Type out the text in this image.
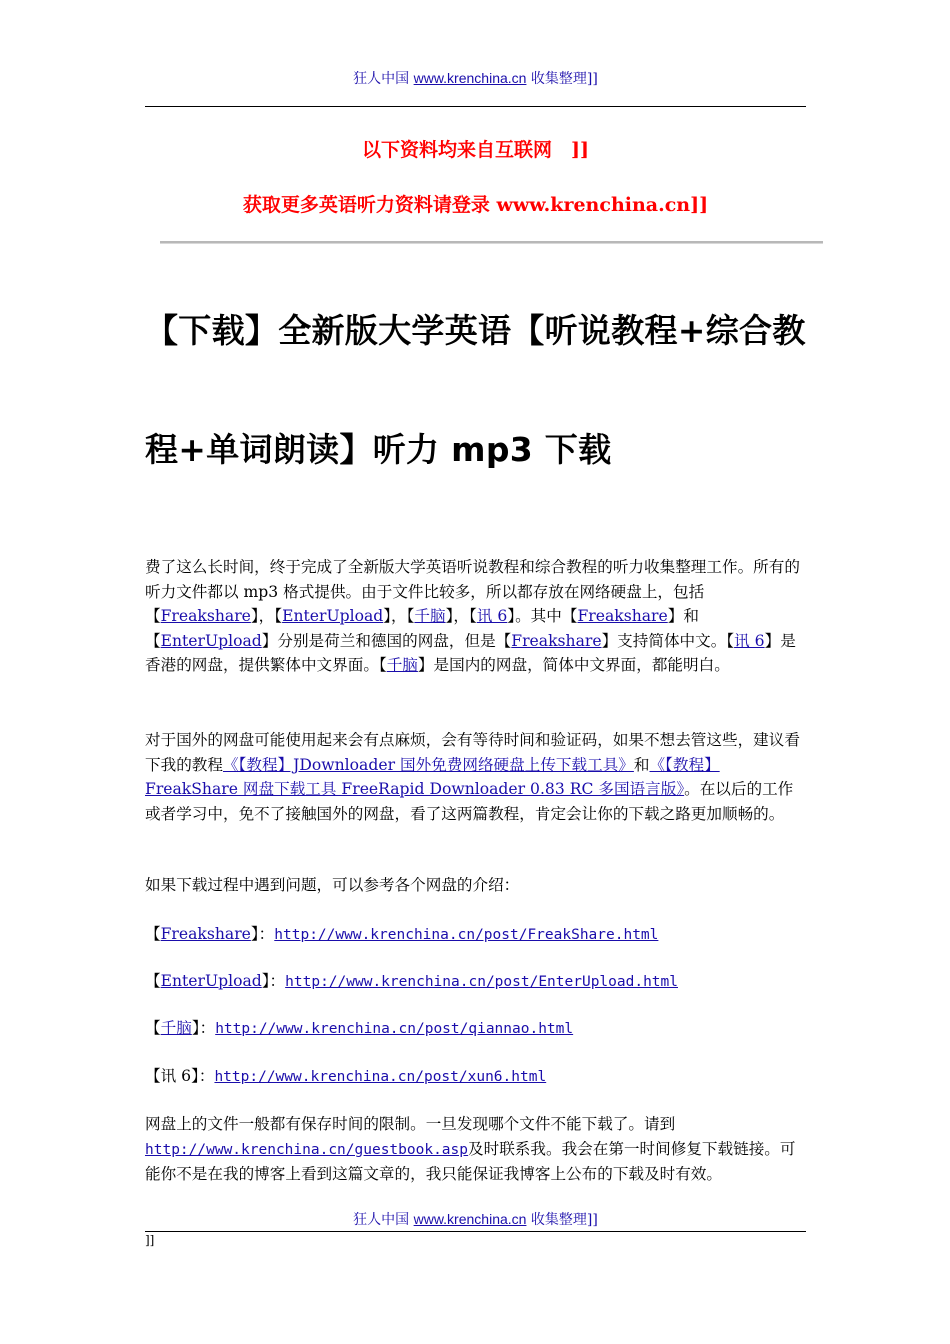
狂人中国 www.krenchina.cn 收集整理]]
以下资料均来自互联网　]]
获取更多英语听力资料请登录 www.krenchina.cn]]
【下载】全新版大学英语【听说教程+综合教
程+单词朗读】听力 mp3 下载
费了这么长时间，终于完成了全新版大学英语听说教程和综合教程的听力收集整理工作。所有的听力文件都以 mp3 格式提供。由于文件比较多，所以都存放在网络硬盘上，包括【Freakshare】，【EnterUpload】，【千脑】，【讯 6】。其中【Freakshare】和【EnterUpload】分别是荷兰和德国的网盘，但是【Freakshare】支持简体中文。【讯 6】是香港的网盘，提供繁体中文界面。【千脑】是国内的网盘，简体中文界面，都能明白。
对于国外的网盘可能使用起来会有点麻烦，会有等待时间和验证码，如果不想去管这些，建议看下我的教程《【教程】JDownloader 国外免费网络硬盘上传下载工具》和《【教程】FreakShare 网盘下载工具 FreeRapid Downloader 0.83 RC 多国语言版》。在以后的工作或者学习中，免不了接触国外的网盘，看了这两篇教程，肯定会让你的下载之路更加顺畅的。
如果下载过程中遇到问题，可以参考各个网盘的介绍：
【Freakshare】：http://www.krenchina.cn/post/FreakShare.html
【EnterUpload】：http://www.krenchina.cn/post/EnterUpload.html
【千脑】：http://www.krenchina.cn/post/qiannao.html
【讯 6】：http://www.krenchina.cn/post/xun6.html
网盘上的文件一般都有保存时间的限制。一旦发现哪个文件不能下载了。请到http://www.krenchina.cn/guestbook.asp及时联系我。我会在第一时间修复下载链接。可能你不是在我的博客上看到这篇文章的，我只能保证我博客上公布的下载及时有效。
狂人中国 www.krenchina.cn 收集整理]]
]]
